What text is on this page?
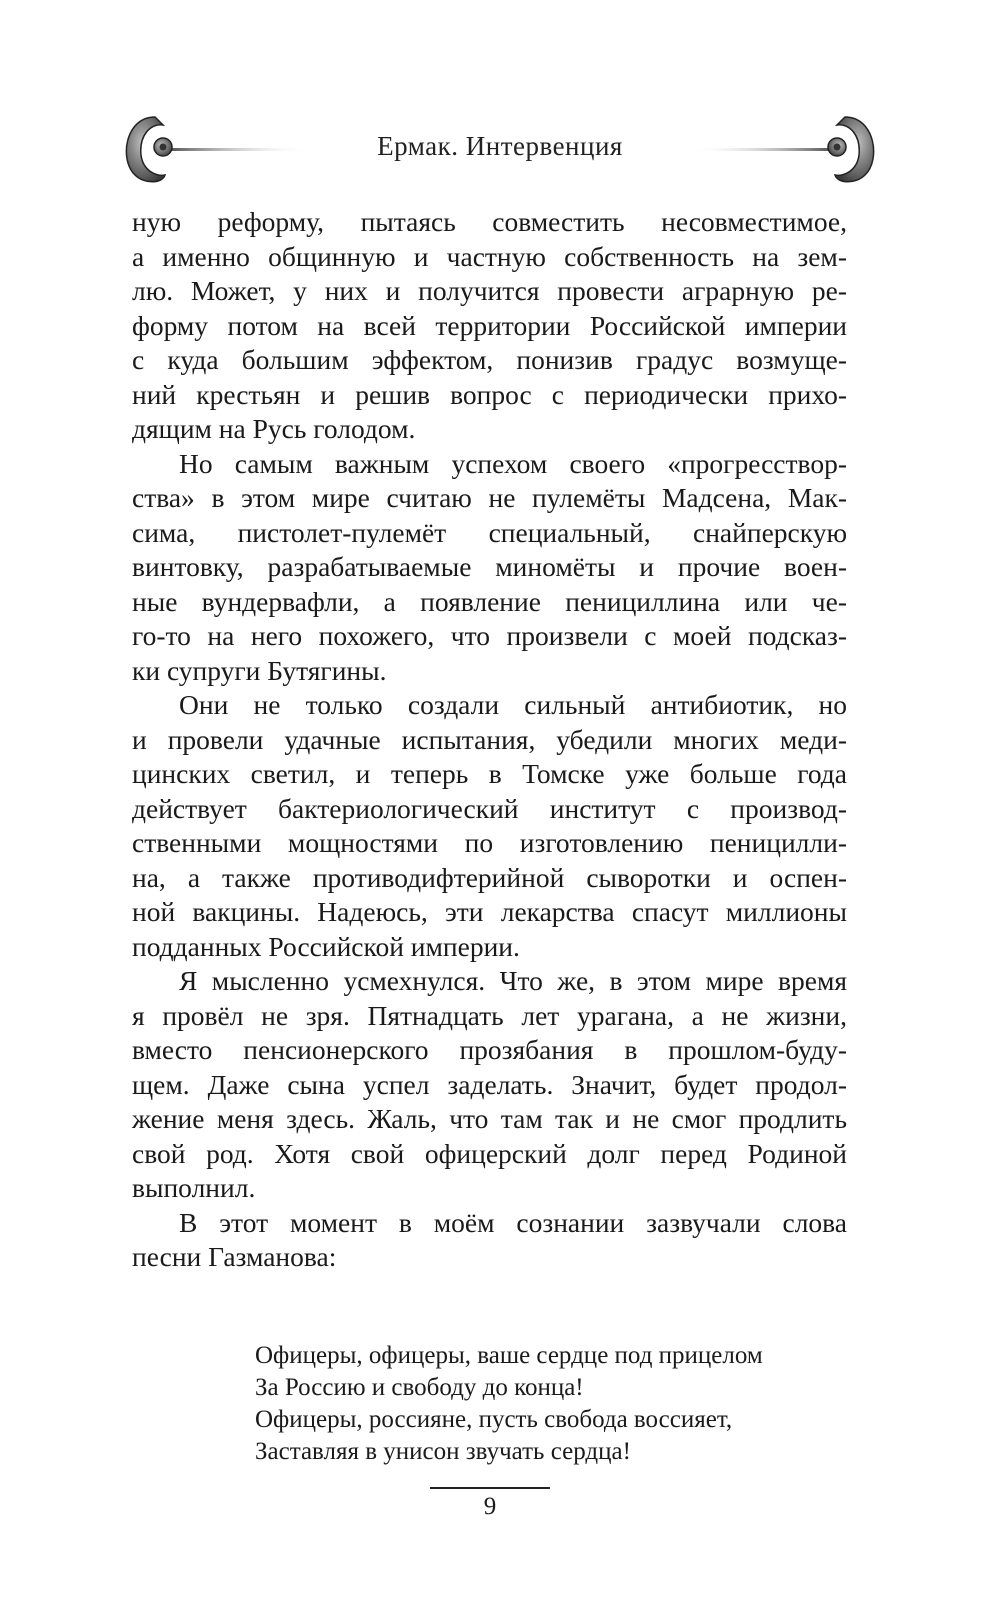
Ермак. Интервенция

ную реформу, пытаясь совместить несовместимое,
а именно общинную и частную собственность на зем-
лю. Может, у них и получится провести аграрную ре-
форму потом на всей территории Российской империи
с куда большим эффектом, понизив градус возмуще-
ний крестьян и решив вопрос с периодически прихо-
дящим на Русь голодом.

Но самым важным успехом своего «прогресствор-
ства» в этом мире считаю не пулемёты Мадсена, Мак-
сима, пистолет-пулемёт специальный, снайперскую
винтовку, разрабатываемые миномёты и прочие воен-
ные вундервафли, а появление пенициллина или че-
го-то на него похожего, что произвели с моей подсказ-
ки супруги Бутягины.

Они не только создали сильный антибиотик, но
и провели удачные испытания, убедили многих меди-
цинских светил, и теперь в Томске уже больше года
действует бактериологический институт с производ-
ственными мощностями по изготовлению пеницилли-
на, а также противодифтерийной сыворотки и оспен-
ной вакцины. Надеюсь, эти лекарства спасут миллионы
подданных Российской империи.

Я мысленно усмехнулся. Что же, в этом мире время
я провёл не зря. Пятнадцать лет урагана, а не жизни,
вместо пенсионерского прозябания в прошлом-буду-
щем. Даже сына успел заделать. Значит, будет продол-
жение меня здесь. Жаль, что там так и не смог продлить
свой род. Хотя свой офицерский долг перед Родиной
выполнил.

В этот момент в моём сознании зазвучали слова
песни Газманова:

Офицеры, офицеры, ваше сердце под прицелом
За Россию и свободу до конца!
Офицеры, россияне, пусть свобода воссияет,
Заставляя в унисон звучать сердца!
9
